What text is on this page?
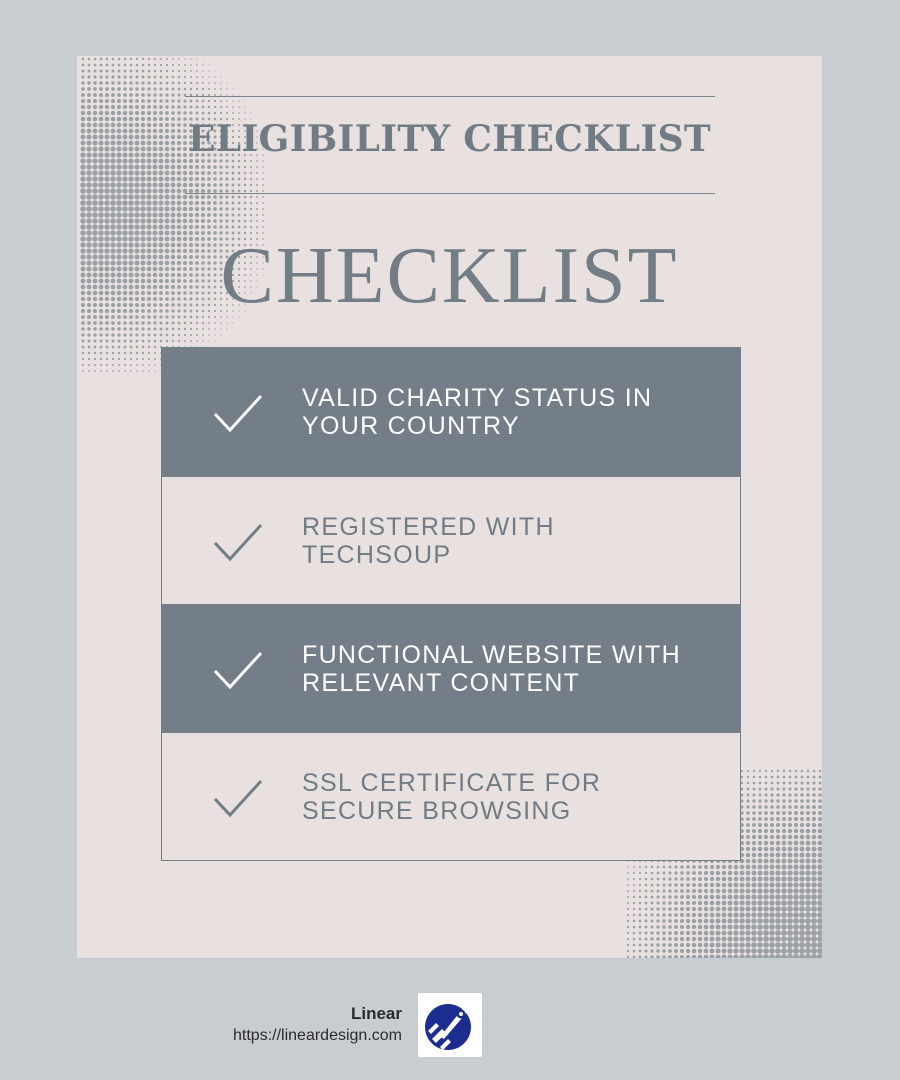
ELIGIBILITY CHECKLIST
CHECKLIST
VALID CHARITY STATUS IN YOUR COUNTRY
REGISTERED WITH TECHSOUP
FUNCTIONAL WEBSITE WITH RELEVANT CONTENT
SSL CERTIFICATE FOR SECURE BROWSING
Linear
https://lineardesign.com
